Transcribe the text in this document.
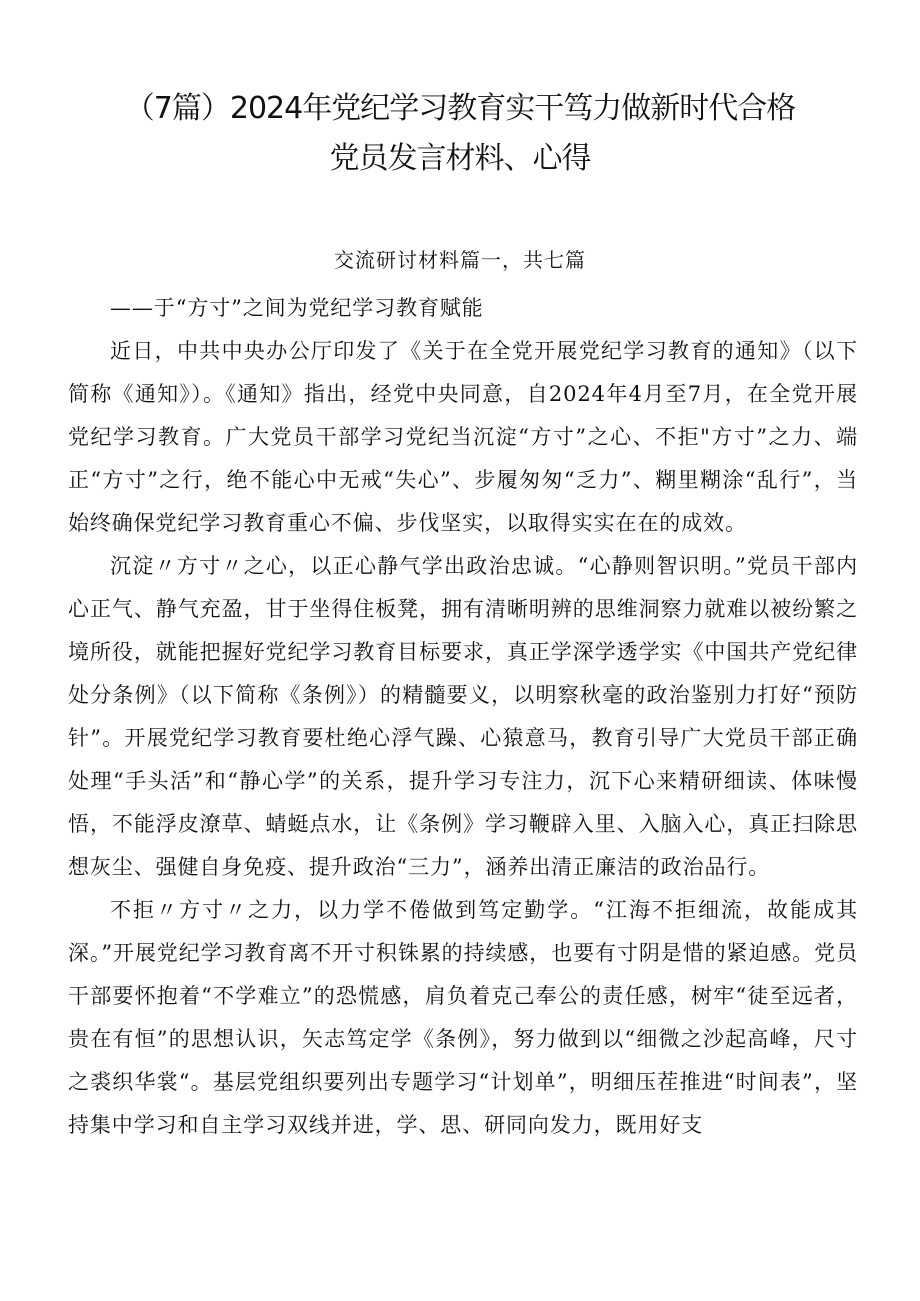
（7篇）2024年党纪学习教育实干笃力做新时代合格
党员发言材料、心得

交流研讨材料篇一，共七篇

——于“方寸”之间为党纪学习教育赋能

近日，中共中央办公厅印发了《关于在全党开展党纪学习教育的通知》（以下简称《通知》）。《通知》指出，经党中央同意，自2024年4月至7月，在全党开展党纪学习教育。广大党员干部学习党纪当沉淀“方寸”之心、不拒"方寸”之力、端正“方寸”之行，绝不能心中无戒“失心”、步履匆匆“乏力”、糊里糊涂“乱行”，当始终确保党纪学习教育重心不偏、步伐坚实，以取得实实在在的成效。

沉淀〃方寸〃之心，以正心静气学出政治忠诚。“心静则智识明。”党员干部内心正气、静气充盈，甘于坐得住板凳，拥有清晰明辨的思维洞察力就难以被纷繁之境所役，就能把握好党纪学习教育目标要求，真正学深学透学实《中国共产党纪律处分条例》（以下简称《条例》）的精髓要义，以明察秋毫的政治鉴别力打好“预防针”。开展党纪学习教育要杜绝心浮气躁、心猿意马，教育引导广大党员干部正确处理“手头活”和“静心学”的关系，提升学习专注力，沉下心来精研细读、体味慢悟，不能浮皮潦草、蜻蜓点水，让《条例》学习鞭辟入里、入脑入心，真正扫除思想灰尘、强健自身免疫、提升政治“三力”，涵养出清正廉洁的政治品行。

不拒〃方寸〃之力，以力学不倦做到笃定勤学。“江海不拒细流，故能成其深。”开展党纪学习教育离不开寸积铢累的持续感，也要有寸阴是惜的紧迫感。党员干部要怀抱着“不学难立”的恐慌感，肩负着克己奉公的责任感，树牢“徒至远者，贵在有恒”的思想认识，矢志笃定学《条例》，努力做到以“细微之沙起高峰，尺寸之裘织华裳“。基层党组织要列出专题学习“计划单”，明细压茬推进“时间表”，坚持集中学习和自主学习双线并进，学、思、研同向发力，既用好支
